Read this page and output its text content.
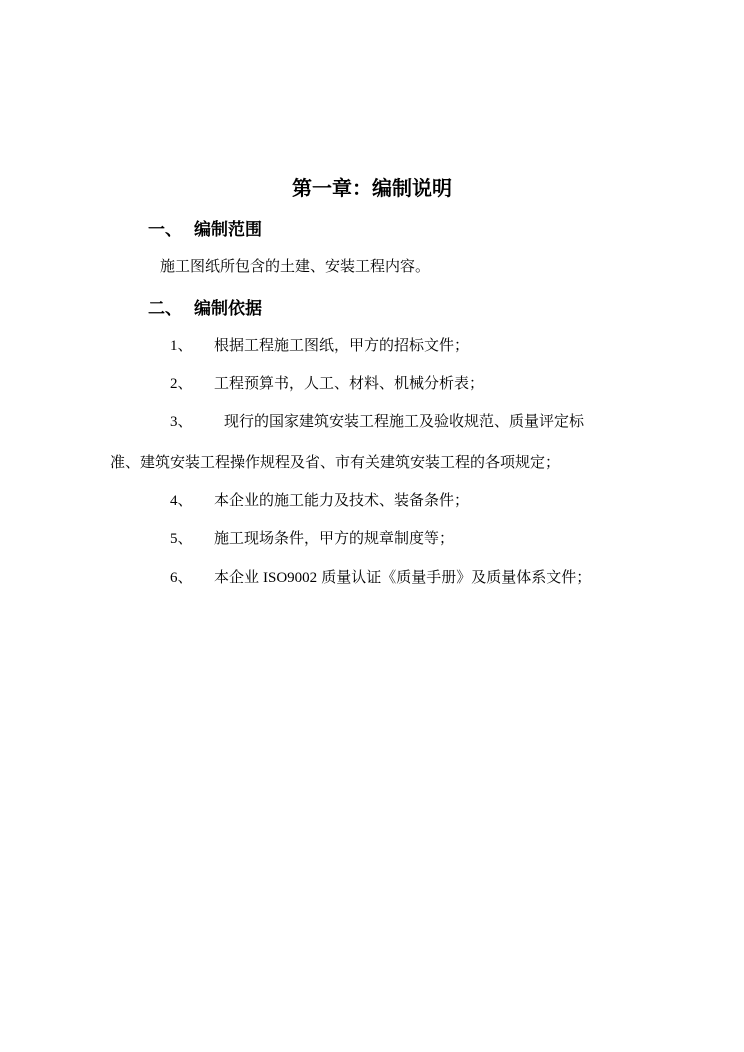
第一章：编制说明
一、 编制范围
施工图纸所包含的土建、安装工程内容。
二、 编制依据
1、 根据工程施工图纸，甲方的招标文件；
2、 工程预算书，人工、材料、机械分析表；
3、 现行的国家建筑安装工程施工及验收规范、质量评定标
准、建筑安装工程操作规程及省、市有关建筑安装工程的各项规定；
4、 本企业的施工能力及技术、装备条件；
5、 施工现场条件，甲方的规章制度等；
6、 本企业 ISO9002 质量认证《质量手册》及质量体系文件；
